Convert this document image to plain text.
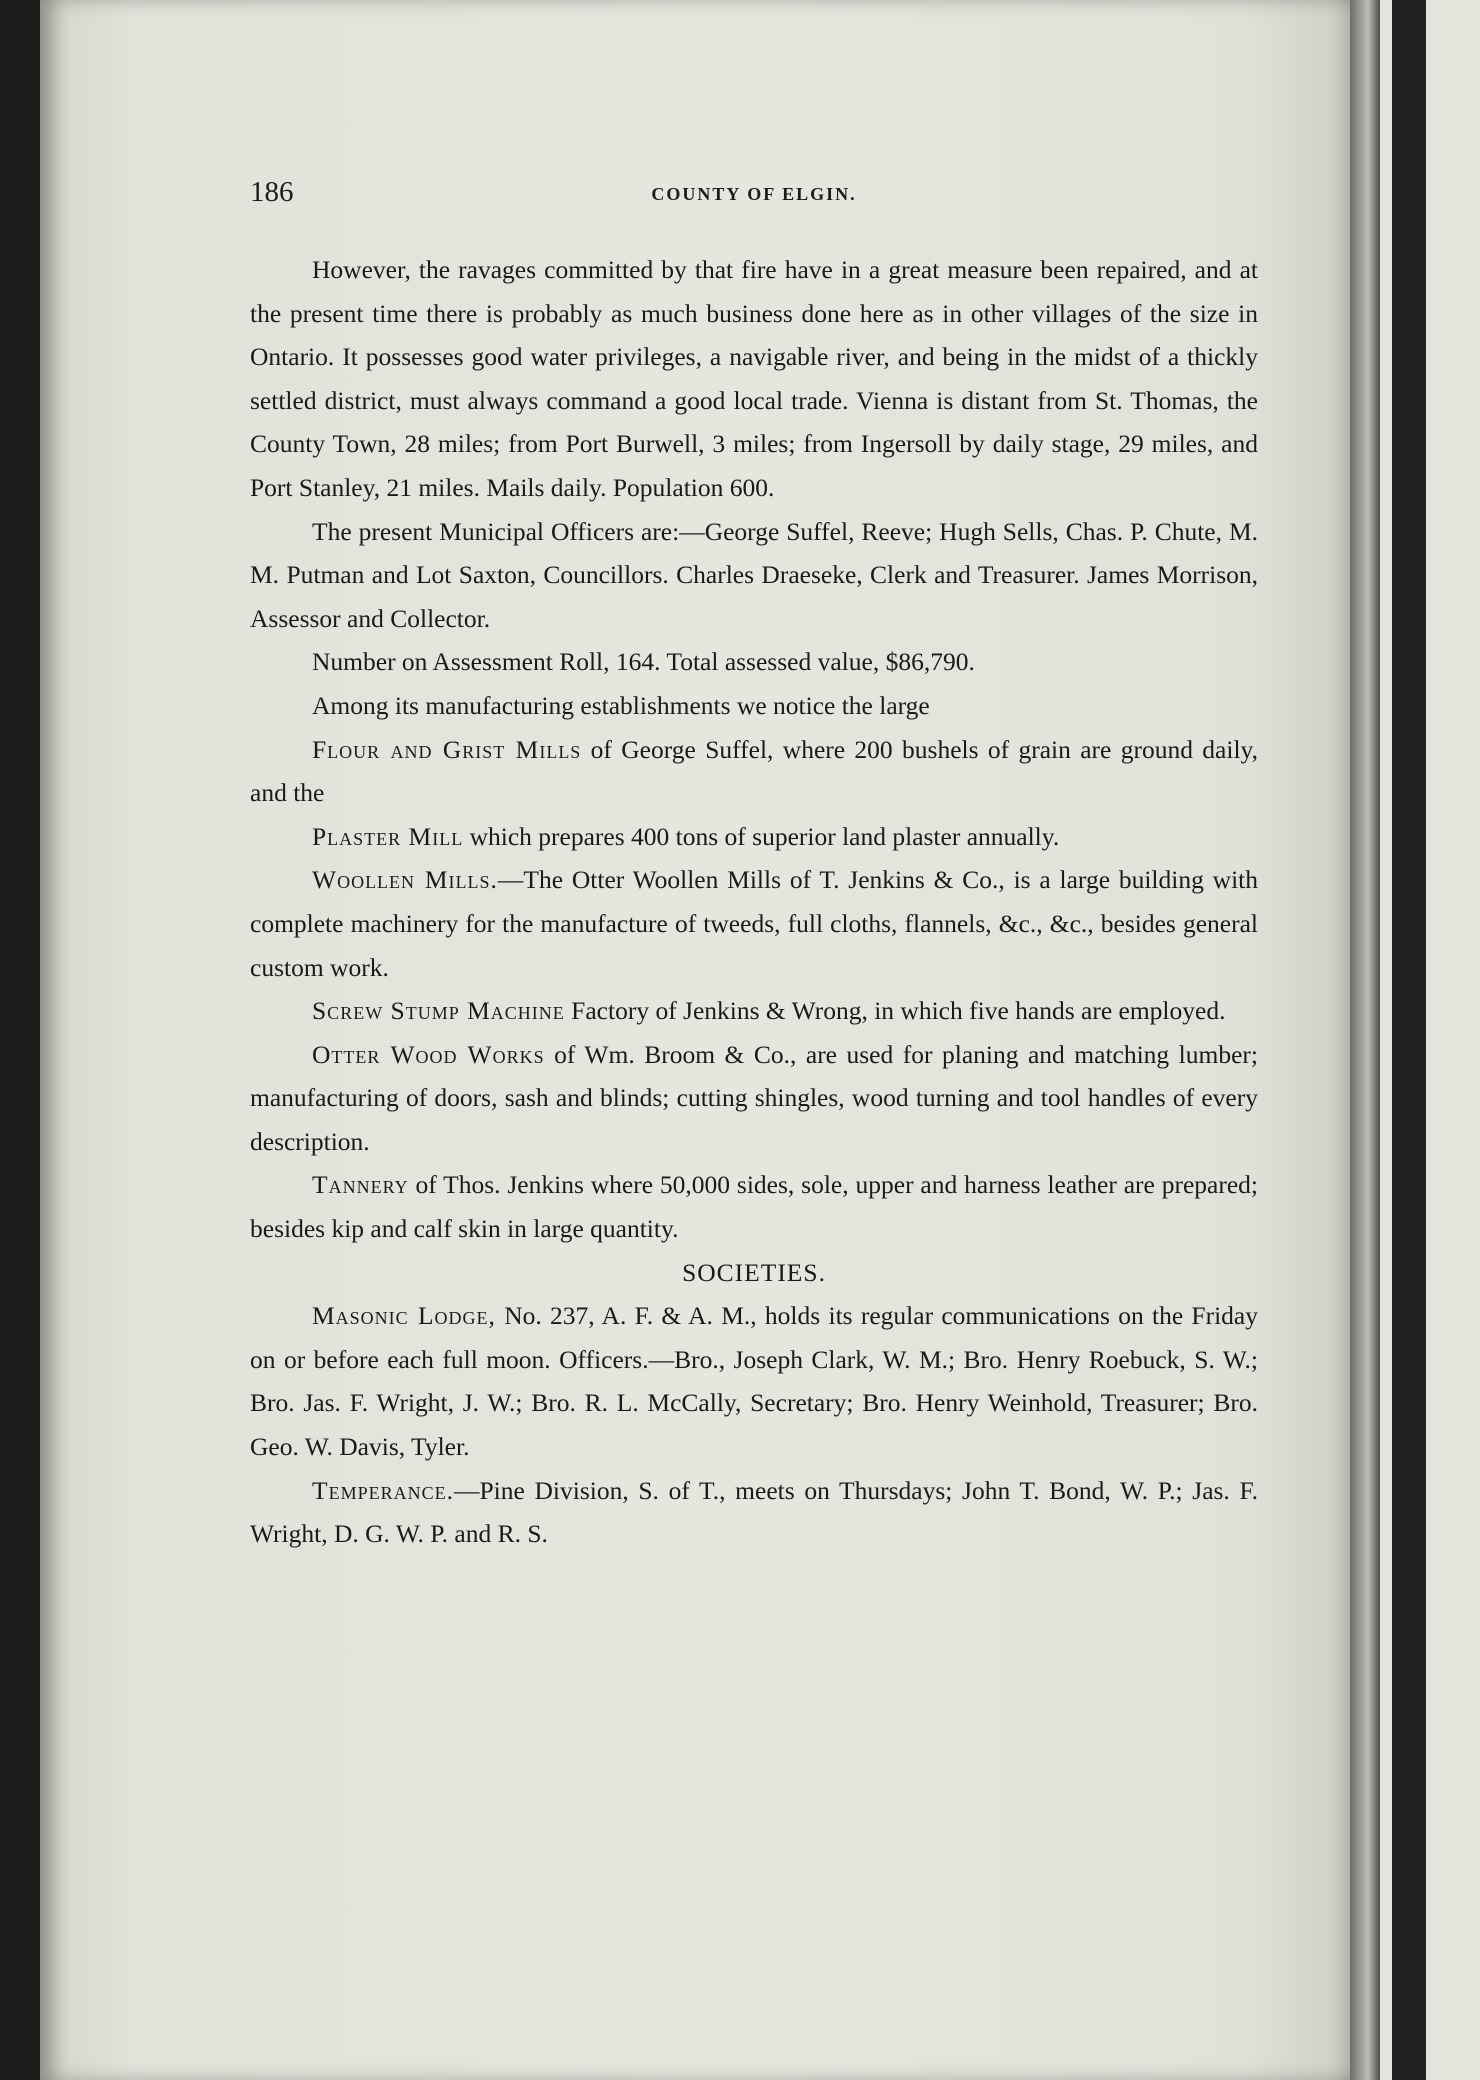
186	COUNTY OF ELGIN.

However, the ravages committed by that fire have in a great measure been repaired, and at the present time there is probably as much business done here as in other villages of the size in Ontario. It possesses good water privileges, a navigable river, and being in the midst of a thickly settled district, must always command a good local trade. Vienna is distant from St. Thomas, the County Town, 28 miles; from Port Burwell, 3 miles; from Ingersoll by daily stage, 29 miles, and Port Stanley, 21 miles. Mails daily. Population 600.

The present Municipal Officers are:—George Suffel, Reeve; Hugh Sells, Chas. P. Chute, M. M. Putman and Lot Saxton, Councillors. Charles Draeseke, Clerk and Treasurer. James Morrison, Assessor and Collector.

Number on Assessment Roll, 164. Total assessed value, $86,790.

Among its manufacturing establishments we notice the large

Flour and Grist Mills of George Suffel, where 200 bushels of grain are ground daily, and the

Plaster Mill which prepares 400 tons of superior land plaster annually.

Woollen Mills.—The Otter Woollen Mills of T. Jenkins & Co., is a large building with complete machinery for the manufacture of tweeds, full cloths, flannels, &c., &c., besides general custom work.

Screw Stump Machine Factory of Jenkins & Wrong, in which five hands are employed.

Otter Wood Works of Wm. Broom & Co., are used for planing and matching lumber; manufacturing of doors, sash and blinds; cutting shingles, wood turning and tool handles of every description.

Tannery of Thos. Jenkins where 50,000 sides, sole, upper and harness leather are prepared; besides kip and calf skin in large quantity.

SOCIETIES.

Masonic Lodge, No. 237, A. F. & A. M., holds its regular communications on the Friday on or before each full moon. Officers.—Bro., Joseph Clark, W. M.; Bro. Henry Roebuck, S. W.; Bro. Jas. F. Wright, J. W.; Bro. R. L. McCally, Secretary; Bro. Henry Weinhold, Treasurer; Bro. Geo. W. Davis, Tyler.

Temperance.—Pine Division, S. of T., meets on Thursdays; John T. Bond, W. P.; Jas. F. Wright, D. G. W. P. and R. S.
